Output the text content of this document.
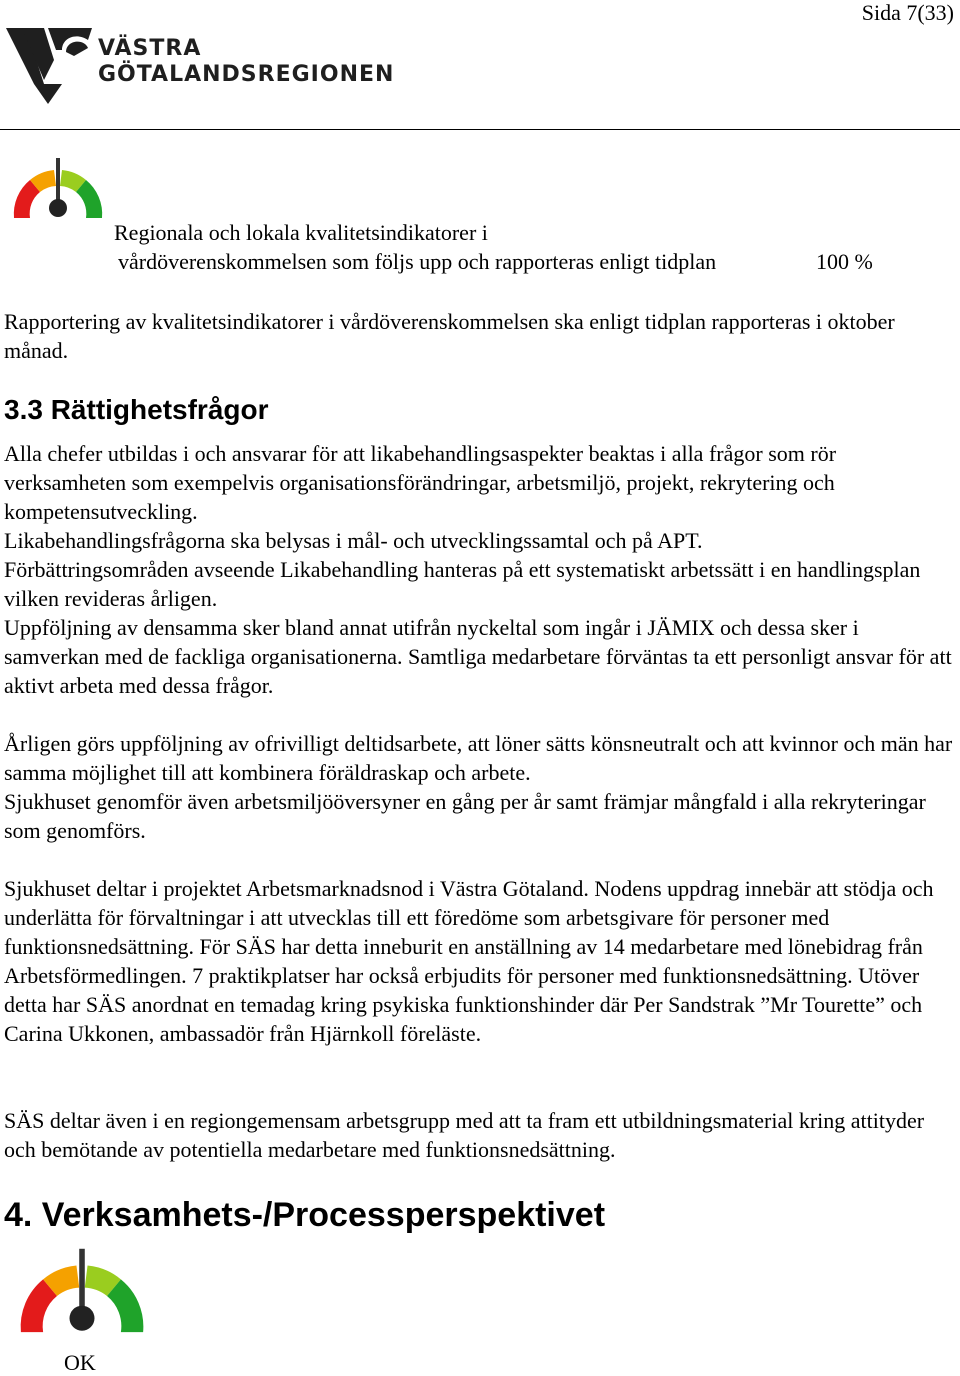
Sida 7(33)
VÄSTRA
GÖTALANDSREGIONEN
Regionala och lokala kvalitetsindikatorer i
vårdöverenskommelsen som följs upp och rapporteras enligt tidplan	100 %

Rapportering av kvalitetsindikatorer i vårdöverenskommelsen ska enligt tidplan rapporteras i oktober månad.

3.3 Rättighetsfrågor

Alla chefer utbildas i och ansvarar för att likabehandlingsaspekter beaktas i alla frågor som rör verksamheten som exempelvis organisationsförändringar, arbetsmiljö, projekt, rekrytering och kompetensutveckling.

Likabehandlingsfrågorna ska belysas i mål- och utvecklingssamtal och på APT.

Förbättringsområden avseende Likabehandling hanteras på ett systematiskt arbetssätt i en handlingsplan vilken revideras årligen.

Uppföljning av densamma sker bland annat utifrån nyckeltal som ingår i JÄMIX och dessa sker i samverkan med de fackliga organisationerna. Samtliga medarbetare förväntas ta ett personligt ansvar för att aktivt arbeta med dessa frågor.

Årligen görs uppföljning av ofrivilligt deltidsarbete, att löner sätts könsneutralt och att kvinnor och män har samma möjlighet till att kombinera föräldraskap och arbete.

Sjukhuset genomför även arbetsmiljööversyner en gång per år samt främjar mångfald i alla rekryteringar som genomförs.

Sjukhuset deltar i projektet Arbetsmarknadsnod i Västra Götaland. Nodens uppdrag innebär att stödja och underlätta för förvaltningar i att utvecklas till ett föredöme som arbetsgivare för personer med funktionsnedsättning. För SÄS har detta inneburit en anställning av 14 medarbetare med lönebidrag från Arbetsförmedlingen. 7 praktikplatser har också erbjudits för personer med funktionsnedsättning. Utöver detta har SÄS anordnat en temadag kring psykiska funktionshinder där Per Sandstrak ”Mr Tourette” och Carina Ukkonen, ambassadör från Hjärnkoll föreläste.

SÄS deltar även i en regiongemensam arbetsgrupp med att ta fram ett utbildningsmaterial kring attityder och bemötande av potentiella medarbetare med funktionsnedsättning.

4. Verksamhets-/Processperspektivet
OK
